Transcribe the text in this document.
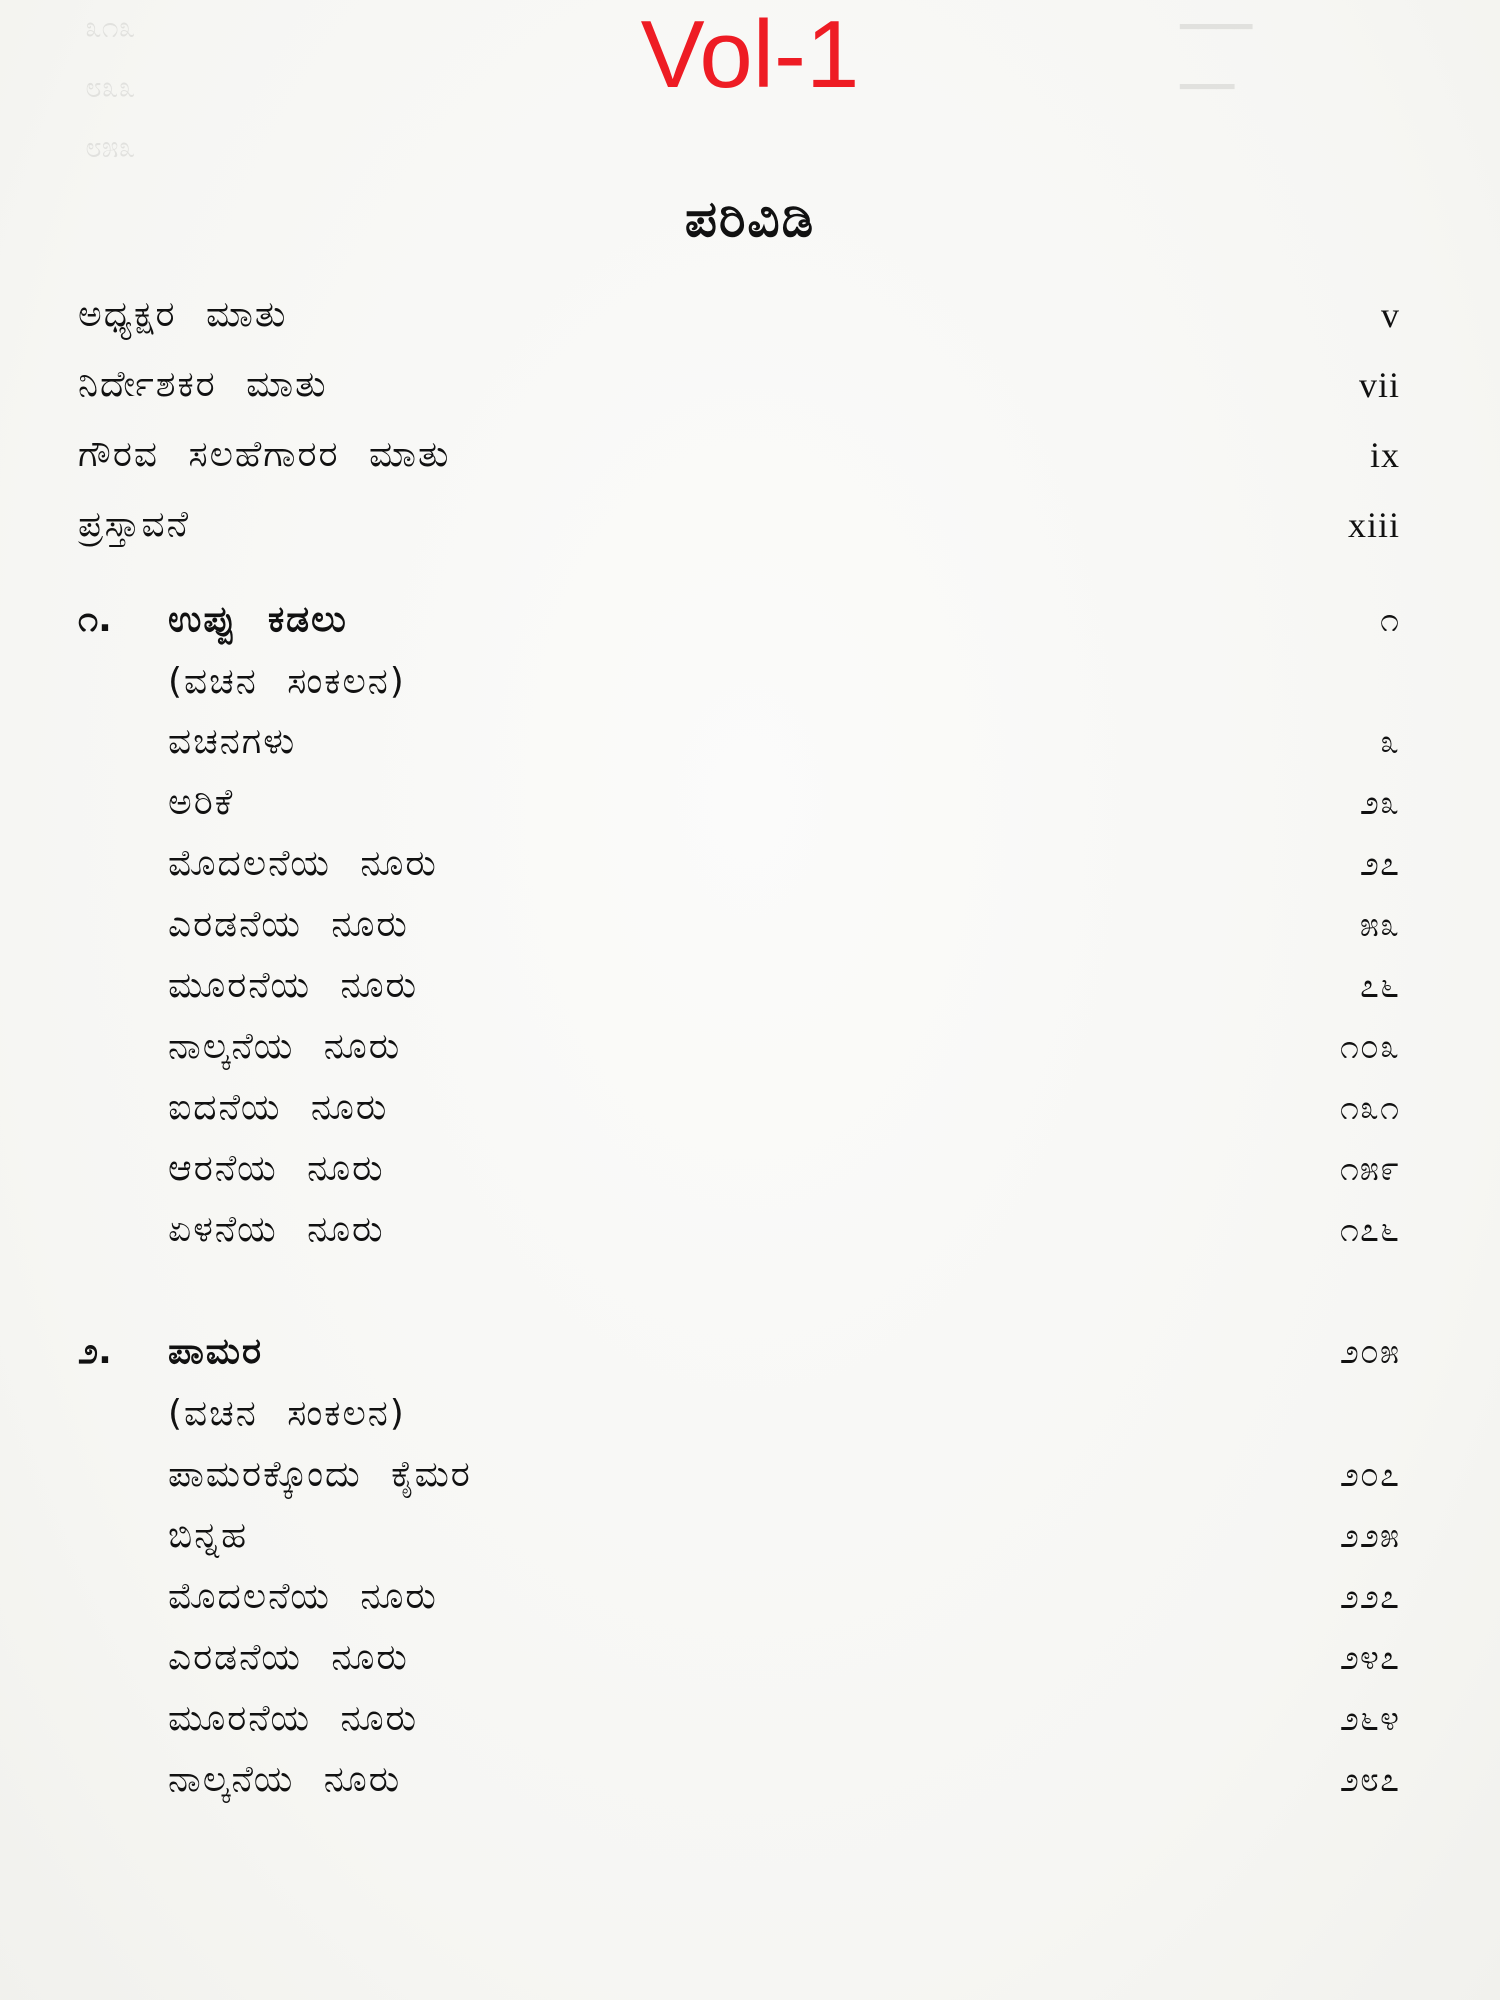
೩೧೩
೮೩೩
೮೫೩
━━━━
━━━
Vol-1
ಪರಿವಿಡಿ
ಅಧ್ಯಕ್ಷರ ಮಾತು	v
ನಿರ್ದೇಶಕರ ಮಾತು	vii
ಗೌರವ ಸಲಹೆಗಾರರ ಮಾತು	ix
ಪ್ರಸ್ತಾವನೆ	xiii
೧. ಉಪ್ಪು ಕಡಲು	೧
(ವಚನ ಸಂಕಲನ)
ವಚನಗಳು	೩
ಅರಿಕೆ	೨೩
ಮೊದಲನೆಯ ನೂರು	೨೭
ಎರಡನೆಯ ನೂರು	೫೩
ಮೂರನೆಯ ನೂರು	೭೬
ನಾಲ್ಕನೆಯ ನೂರು	೧೦೩
ಐದನೆಯ ನೂರು	೧೩೧
ಆರನೆಯ ನೂರು	೧೫೯
ಏಳನೆಯ ನೂರು	೧೭೬
೨. ಪಾಮರ	೨೦೫
(ವಚನ ಸಂಕಲನ)
ಪಾಮರಕ್ಕೊಂದು ಕೈಮರ	೨೦೭
ಬಿನ್ನಹ	೨೨೫
ಮೊದಲನೆಯ ನೂರು	೨೨೭
ಎರಡನೆಯ ನೂರು	೨೪೭
ಮೂರನೆಯ ನೂರು	೨೬೪
ನಾಲ್ಕನೆಯ ನೂರು	೨೮೭
